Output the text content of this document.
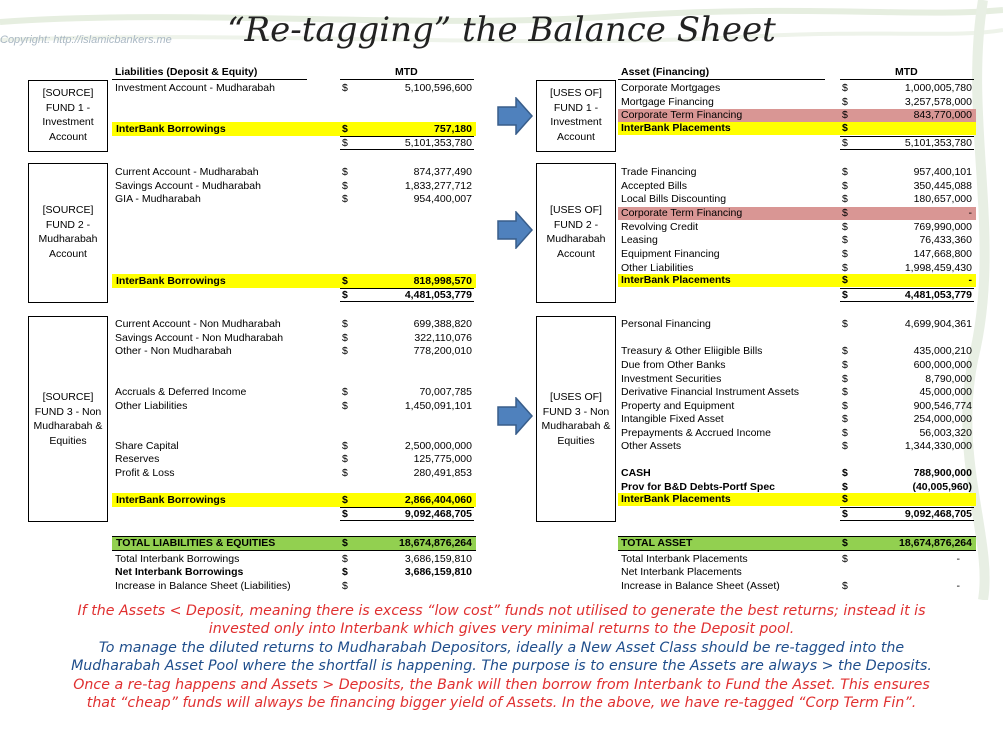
“Re-tagging” the Balance Sheet
Copyright: http://islamicbankers.me
Liabilities (Deposit & Equity)	MTD	Asset (Financing)	MTD
[SOURCE]
FUND 1 -
Investment
Account
[USES OF]
FUND 1 -
Investment
Account
Investment Account - Mudharabah	$	5,100,596,600
InterBank Borrowings	$	757,180
$	5,101,353,780
Corporate Mortgages	$	1,000,005,780
Mortgage Financing	$	3,257,578,000
Corporate Term Financing	$	843,770,000
InterBank Placements	$
$	5,101,353,780
[SOURCE]
FUND 2 -
Mudharabah
Account
[USES OF]
FUND 2 -
Mudharabah
Account
Current Account - Mudharabah	$	874,377,490
Savings Account - Mudharabah	$	1,833,277,712
GIA - Mudharabah	$	954,400,007
InterBank Borrowings	$	818,998,570
$	4,481,053,779
Trade Financing	$	957,400,101
Accepted Bills	$	350,445,088
Local Bills Discounting	$	180,657,000
Corporate Term Financing	$	-
Revolving Credit	$	769,990,000
Leasing	$	76,433,360
Equipment Financing	$	147,668,800
Other Liabilities	$	1,998,459,430
InterBank Placements	$	-
$	4,481,053,779
[SOURCE]
FUND 3 - Non
Mudharabah &
Equities
[USES OF]
FUND 3 - Non
Mudharabah &
Equities
Current Account - Non Mudharabah	$	699,388,820
Savings Account - Non Mudharabah	$	322,110,076
Other - Non Mudharabah	$	778,200,010
Accruals & Deferred Income	$	70,007,785
Other Liabilities	$	1,450,091,101
Share Capital	$	2,500,000,000
Reserves	$	125,775,000
Profit & Loss	$	280,491,853
InterBank Borrowings	$	2,866,404,060
$	9,092,468,705
Personal Financing	$	4,699,904,361
Treasury & Other Eliigible Bills	$	435,000,210
Due from Other Banks	$	600,000,000
Investment Securities	$	8,790,000
Derivative Financial Instrument Assets	$	45,000,000
Property and Equipment	$	900,546,774
Intangible Fixed Asset	$	254,000,000
Prepayments & Accrued Income	$	56,003,320
Other Assets	$	1,344,330,000
CASH	$	788,900,000
Prov for B&D Debts-Portf Spec	$	(40,005,960)
InterBank Placements	$
$	9,092,468,705
TOTAL LIABILITIES & EQUITIES	$	18,674,876,264	TOTAL ASSET	$	18,674,876,264
Total Interbank Borrowings	$	3,686,159,810
Net Interbank Borrowings	$	3,686,159,810
Increase in Balance Sheet (Liabilities)	$
Total Interbank Placements	$	-
Net Interbank Placements
Increase in Balance Sheet (Asset)	$	-
If the Assets < Deposit, meaning there is excess “low cost” funds not utilised to generate the best returns; instead it is
invested only into Interbank which gives very minimal returns to the Deposit pool.
To manage the diluted returns to Mudharabah Depositors, ideally a New Asset Class should be re-tagged into the
Mudharabah Asset Pool where the shortfall is happening. The purpose is to ensure the Assets are always > the Deposits.
Once a re-tag happens and Assets > Deposits, the Bank will then borrow from Interbank to Fund the Asset. This ensures
that “cheap” funds will always be financing bigger yield of Assets. In the above, we have re-tagged “Corp Term Fin”.
